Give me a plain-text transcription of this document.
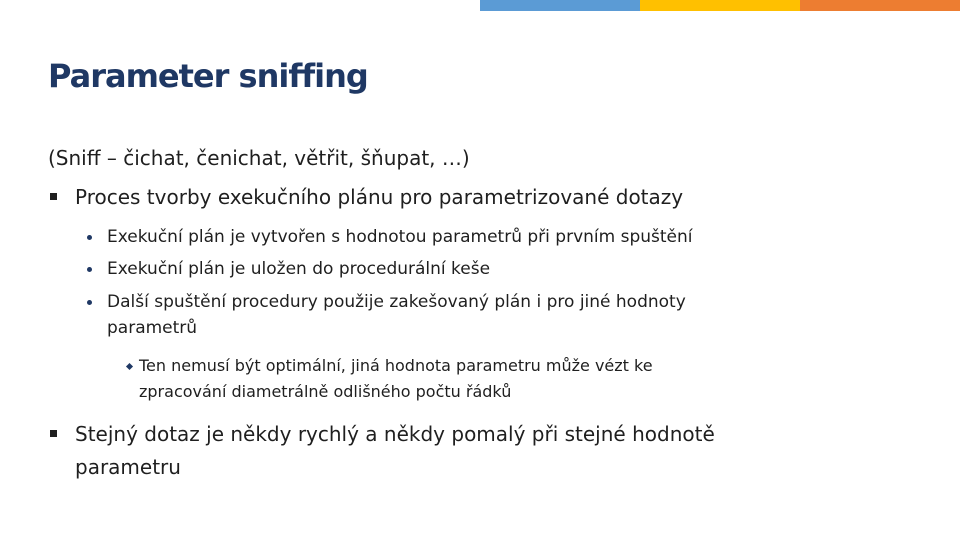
Parameter sniffing
(Sniff – čichat, čenichat, větřit, šňupat, …)
Proces tvorby exekučního plánu pro parametrizované dotazy
Exekuční plán je vytvořen s hodnotou parametrů při prvním spuštění
Exekuční plán je uložen do procedurální keše
Další spuštění procedury použije zakešovaný plán i pro jiné hodnoty
parametrů
Ten nemusí být optimální, jiná hodnota parametru může vézt ke
zpracování diametrálně odlišného počtu řádků
Stejný dotaz je někdy rychlý a někdy pomalý při stejné hodnotě
parametru
